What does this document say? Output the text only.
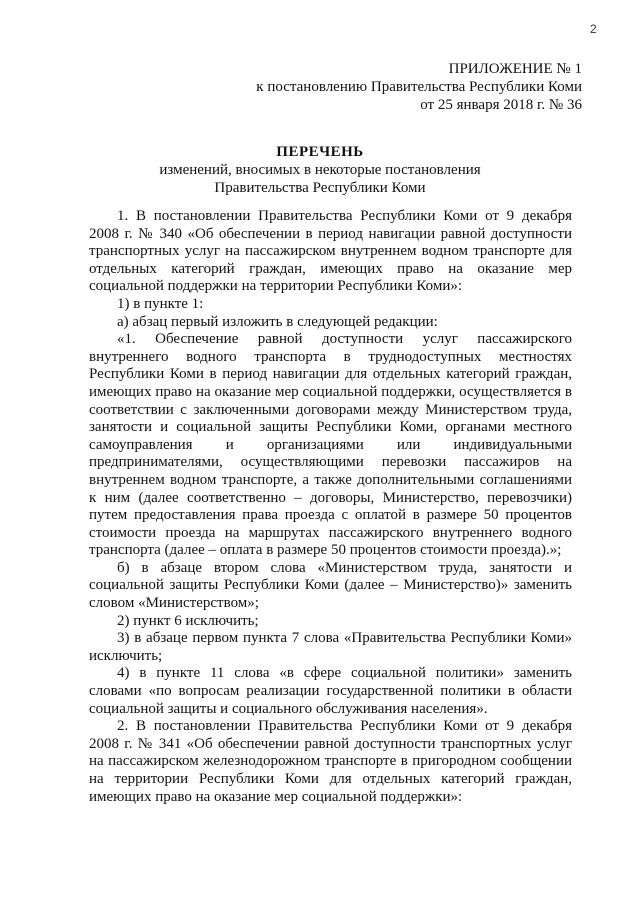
2
ПРИЛОЖЕНИЕ № 1
к постановлению Правительства Республики Коми
от 25 января 2018 г. № 36
ПЕРЕЧЕНЬ
изменений, вносимых в некоторые постановления
Правительства Республики Коми

1. В постановлении Правительства Республики Коми от 9 декабря 2008 г. № 340 «Об обеспечении в период навигации равной доступности транспортных услуг на пассажирском внутреннем водном транспорте для отдельных категорий граждан, имеющих право на оказание мер социальной поддержки на территории Республики Коми»:

1) в пункте 1:

а) абзац первый изложить в следующей редакции:

«1. Обеспечение равной доступности услуг пассажирского внутреннего водного транспорта в труднодоступных местностях Республики Коми в период навигации для отдельных категорий граждан, имеющих право на оказание мер социальной поддержки, осуществляется в соответствии с заключенными договорами между Министерством труда, занятости и социальной защиты Республики Коми, органами местного самоуправления и организациями или индивидуальными предпринимателями, осуществляющими перевозки пассажиров на внутреннем водном транспорте, а также дополнительными соглашениями к ним (далее соответственно – договоры, Министерство, перевозчики) путем предоставления права проезда с оплатой в размере 50 процентов стоимости проезда на маршрутах пассажирского внутреннего водного транспорта (далее – оплата в размере 50 процентов стоимости проезда).»;

б) в абзаце втором слова «Министерством труда, занятости и социальной защиты Республики Коми (далее – Министерство)» заменить словом «Министерством»;

2) пункт 6 исключить;

3) в абзаце первом пункта 7 слова «Правительства Республики Коми» исключить;

4) в пункте 11 слова «в сфере социальной политики» заменить словами «по вопросам реализации государственной политики в области социальной защиты и социального обслуживания населения».

2. В постановлении Правительства Республики Коми от 9 декабря 2008 г. № 341 «Об обеспечении равной доступности транспортных услуг на пассажирском железнодорожном транспорте в пригородном сообщении на территории Республики Коми для отдельных категорий граждан, имеющих право на оказание мер социальной поддержки»:
